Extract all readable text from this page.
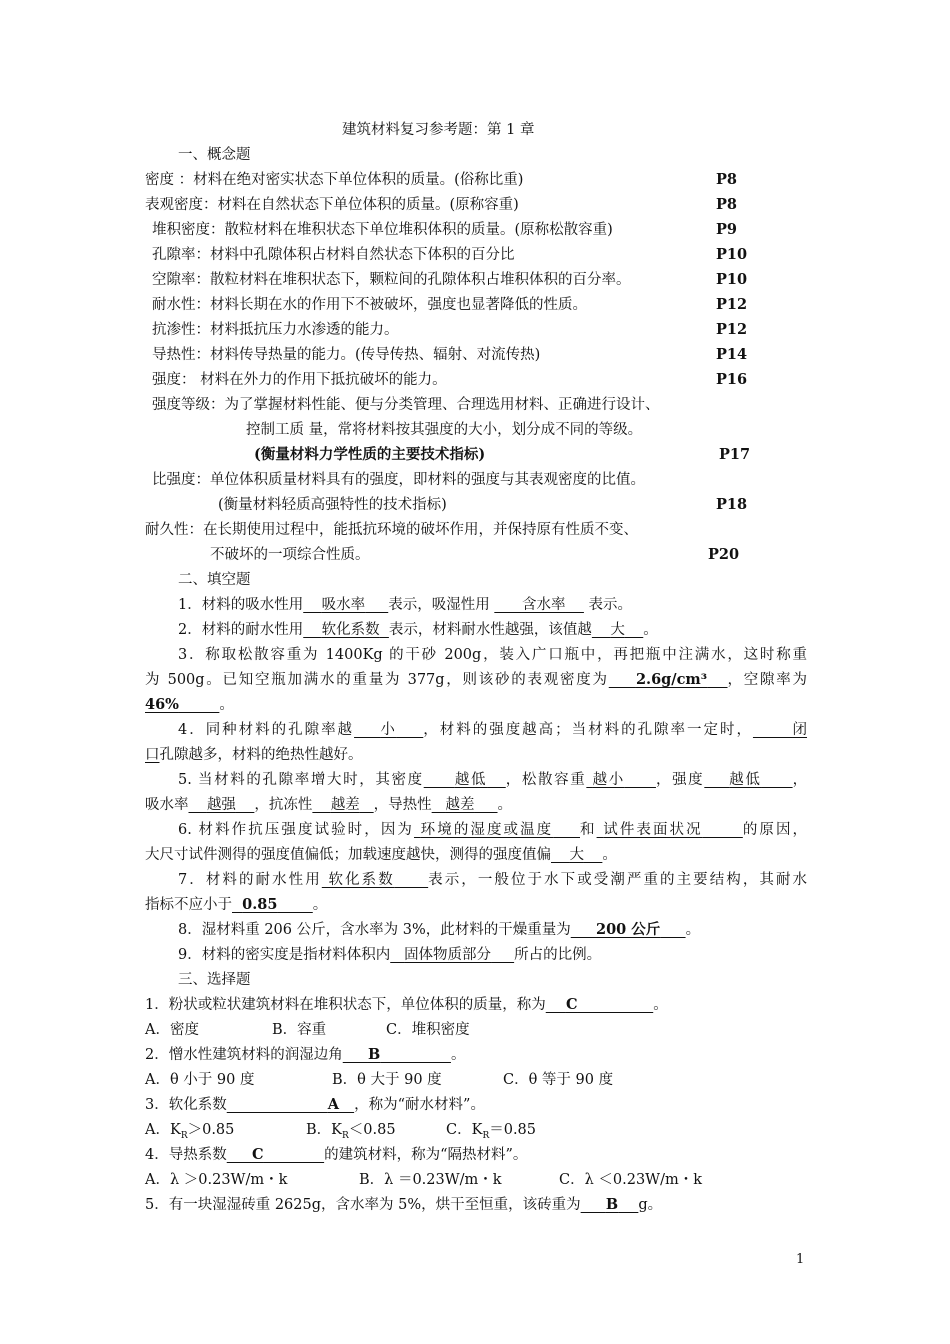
建筑材料复习参考题：第 1 章
一、概念题
密度 ：材料在绝对密实状态下单位体积的质量。(俗称比重)	P8
表观密度：材料在自然状态下单位体积的质量。(原称容重)	P8
堆积密度：散粒材料在堆积状态下单位堆积体积的质量。(原称松散容重)	P9
孔隙率：材料中孔隙体积占材料自然状态下体积的百分比	P10
空隙率：散粒材料在堆积状态下，颗粒间的孔隙体积占堆积体积的百分率。	P10
耐水性：材料长期在水的作用下不被破坏，强度也显著降低的性质。	P12
抗渗性：材料抵抗压力水渗透的能力。	P12
导热性：材料传导热量的能力。(传导传热、辐射、对流传热)	P14
强度： 材料在外力的作用下抵抗破坏的能力。	P16
强度等级：为了掌握材料性能、便与分类管理、合理选用材料、正确进行设计、
控制工质 量，常将材料按其强度的大小，划分成不同的等级。
(衡量材料力学性质的主要技术指标)	P17
比强度：单位体积质量材料具有的强度，即材料的强度与其表观密度的比值。
(衡量材料轻质高强特性的技术指标)	P18
耐久性：在长期使用过程中，能抵抗环境的破坏作用，并保持原有性质不变、
不破坏的一项综合性质。	P20
二、填空题
1．材料的吸水性用 吸水率 表示，吸湿性用 含水率     表示。
2．材料的耐水性用 软化系数 表示，材料耐水性越强，该值越 大 。
3．称取松散容重为 1400Kg 的干砂 200g，装入广口瓶中，再把瓶中注满水，这时称重
为 500g。已知空瓶加满水的重量为 377g，则该砂的表观密度为 2.6g/cm³ ，空隙率为
46%	。
4．同种材料的孔隙率越 小 ，材料的强度越高；当材料的孔隙率一定时，	闭
口孔隙越多，材料的绝热性越好。
5. 当材料的孔隙率增大时，其密度 越低 ，松散容重 越小 ，强度 越低 ，
吸水率 越强 ，抗冻性 越差 ，导热性 越差 。
6. 材料作抗压强度试验时，因为 环境的湿度或温度 和 试件表面状况	的原因，
大尺寸试件测得的强度值偏低；加载速度越快，测得的强度值偏 大 。
7．材料的耐水性用 软化系数 表示，一般位于水下或受潮严重的主要结构，其耐水
指标不应小于 0.85 。
8．湿材料重 206 公斤，含水率为 3%，此材料的干燥重量为 200 公斤 。
9．材料的密实度是指材料体积内 固体物质部分 所占的比例。
三、选择题
1．粉状或粒状建筑材料在堆积状态下，单位体积的质量，称为 C	。
A．密度	B．容重	C．堆积密度
2．憎水性建筑材料的润湿边角 B	。
A．θ 小于 90 度	B．θ 大于 90 度	C．θ 等于 90 度
3．软化系数	A ，称为“耐水材料”。
A．$K_R>0.85$	B．$K_R<0.85$	C．$K_R=0.85$
4．导热系数 C	的建筑材料，称为“隔热材料”。
A．λ ＞0.23W/m・k	B．λ ＝0.23W/m・k	C．λ ＜0.23W/m・k
5．有一块湿湿砖重 2625g，含水率为 5%，烘干至恒重，该砖重为 B g。
1
